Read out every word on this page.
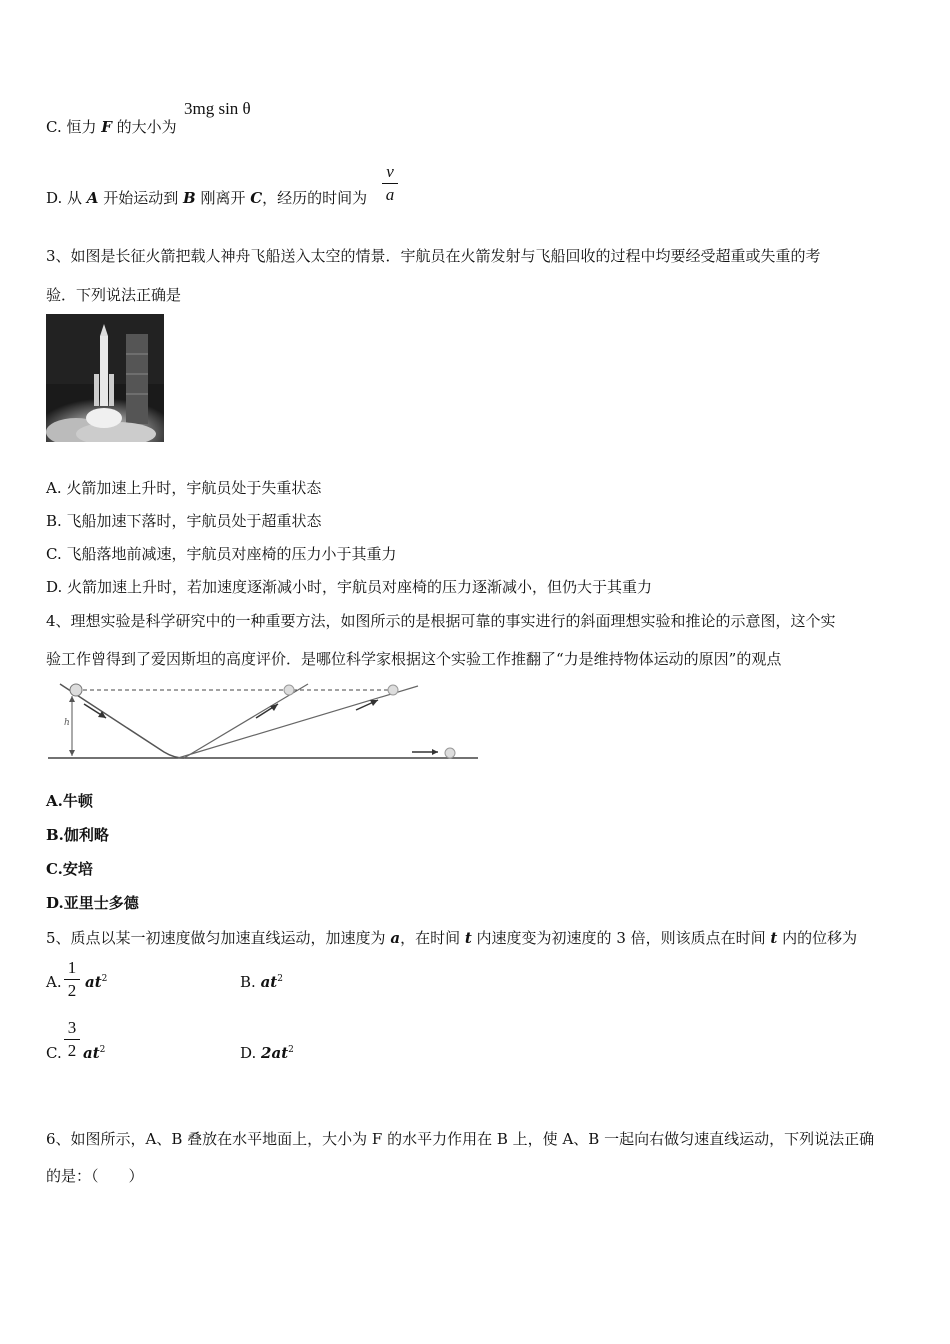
C. 恒力 F 的大小为
3mg sin θ
D. 从 A 开始运动到 B 刚离开 C，经历的时间为
v
a
3、如图是长征火箭把载人神舟飞船送入太空的情景．宇航员在火箭发射与飞船回收的过程中均要经受超重或失重的考
验．下列说法正确是
A. 火箭加速上升时，宇航员处于失重状态
B. 飞船加速下落时，宇航员处于超重状态
C. 飞船落地前减速，宇航员对座椅的压力小于其重力
D. 火箭加速上升时，若加速度逐渐减小时，宇航员对座椅的压力逐渐减小，但仍大于其重力
4、理想实验是科学研究中的一种重要方法，如图所示的是根据可靠的事实进行的斜面理想实验和推论的示意图，这个实
验工作曾得到了爱因斯坦的高度评价．是哪位科学家根据这个实验工作推翻了“力是维持物体运动的原因”的观点
h
A.牛顿
B.伽利略
C.安培
D.亚里士多德
5、质点以某一初速度做匀加速直线运动，加速度为 a，在时间 t 内速度变为初速度的 3 倍，则该质点在时间 t 内的位移为
A.
1
2 $at^2$	B. $at^2$
C.
3
2 $at^2$	D. $2at^2$
6、如图所示，A、B 叠放在水平地面上，大小为 F 的水平力作用在 B 上，使 A、B 一起向右做匀速直线运动，下列说法正确
的是：（　　）
